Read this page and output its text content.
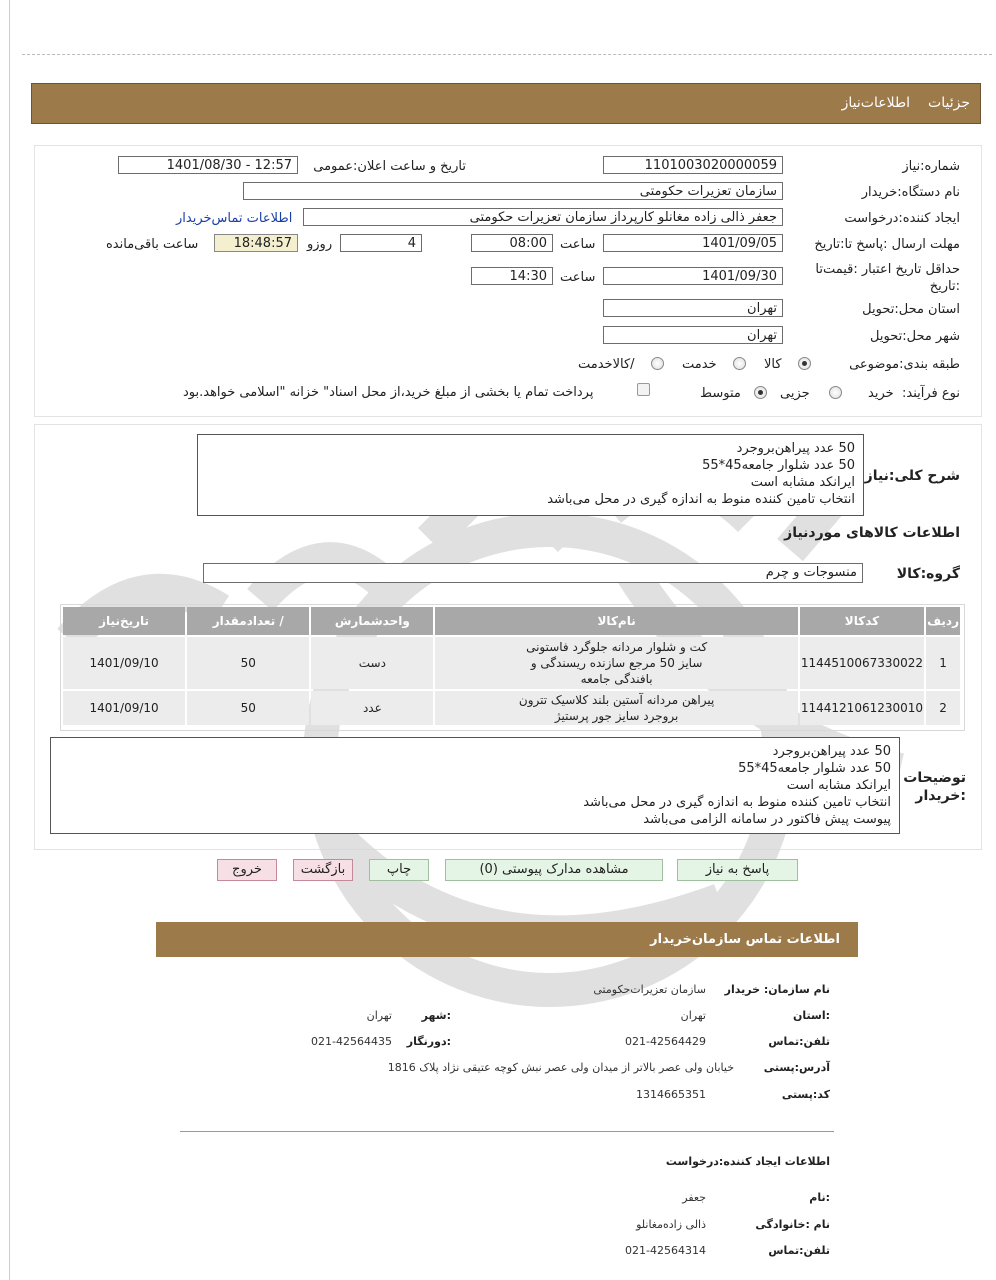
جزئیات
اطلاعات‌نیاز
شماره:نیاز
1101003020000059
تاریخ و ساعت اعلان:عمومی
1401/08/30 - 12:57
نام دستگاه:خریدار
سازمان تعزیرات حکومتی
ایجاد کننده:درخواست
جعفر ذالی زاده مغانلو کارپرداز سازمان تعزیرات حکومتی
اطلاعات تماس‌خریدار
مهلت ارسال :پاسخ تا:تاریخ
1401/09/05
ساعت
08:00
4
روزو
18:48:57
ساعت باقی‌مانده
حداقل تاریخ اعتبار :قیمت‌تا
:تاریخ
1401/09/30
ساعت
14:30
استان محل:تحویل
تهران
شهر محل:تحویل
تهران
طبقه بندی:موضوعی
کالا
خدمت
/کالاخدمت
نوع فرآیند:
خرید
جزیی
متوسط
پرداخت تمام یا بخشی از مبلغ خرید،از محل اسناد" خزانه "اسلامی خواهد.بود
شرح کلی:نیاز
50 عدد پیراهن‌بروجرد
50 عدد شلوار جامعه45*55
ایرانکد مشابه است
انتخاب تامین کننده منوط به اندازه گیری در محل می‌باشد
اطلاعات کالاهای موردنیاز
گروه:کالا
منسوجات و چرم
ردیف	کدکالا	نام‌کالا	واحدشمارش	/ تعدادمقدار	تاریخ‌نیاز
1	1144510067330022	کت و شلوار مردانه جلوگرد فاستونی
سایز 50 مرجع سازنده ریسندگی و
بافندگی جامعه	دست	50	1401/09/10
2	1144121061230010	پیراهن مردانه آستین بلند کلاسیک تترون
بروجرد سایز جور پرستیژ	عدد	50	1401/09/10
توضیحات
:خریدار
50 عدد پیراهن‌بروجرد
50 عدد شلوار جامعه45*55
ایرانکد مشابه است
انتخاب تامین کننده منوط به اندازه گیری در محل می‌باشد
پیوست پیش فاکتور در سامانه الزامی می‌باشد
پاسخ به نیاز
مشاهده مدارک پیوستی (0)
چاپ
بازگشت
خروج
اطلاعات تماس سازمان‌خریدار
نام سازمان: خریدار
سازمان تعزیرات‌حکومتی
:استان
تهران
:شهر
تهران
تلفن:تماس
021-42564429
:دورنگار
021-42564435
آدرس:پستی
خیابان ولی عصر بالاتر از میدان ولی عصر نبش کوچه عتیقی نژاد پلاک 1816
کد:پستی
1314665351
اطلاعات ایجاد کننده:درخواست
:نام
جعفر
نام :خانوادگی
ذالی زاده‌مغانلو
تلفن:تماس
021-42564314
